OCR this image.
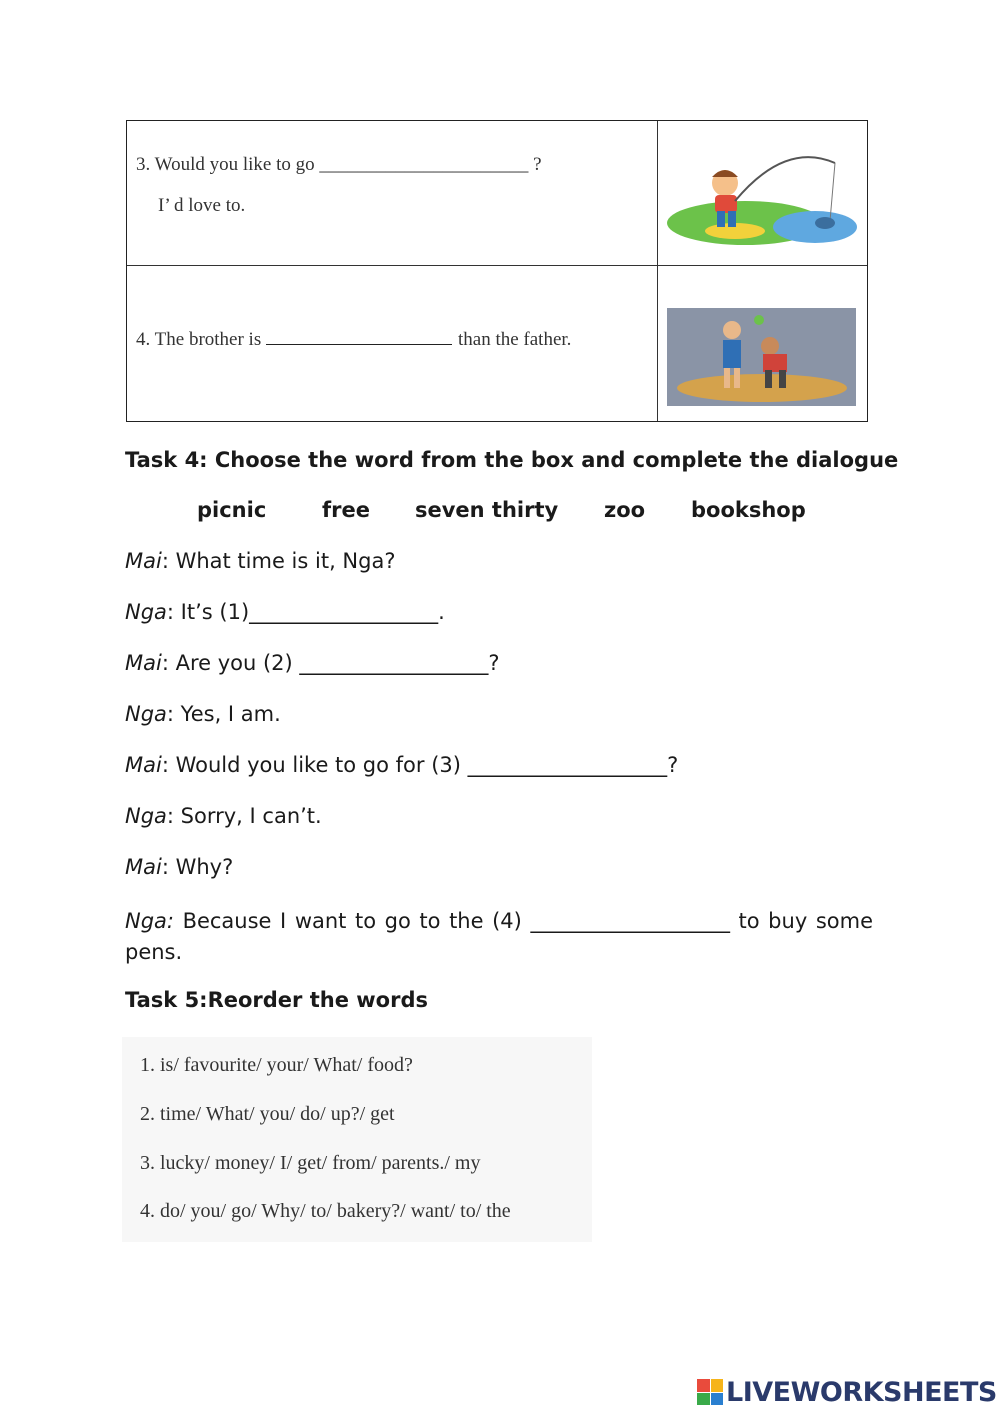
3. Would you like to go ______________________ ?
I’ d love to.
4. The brother is	than the father.
Task 4: Choose the word from the box and complete the dialogue
picnic	free seven thirty zoo bookshop
Mai: What time is it, Nga?
Nga: It’s (1)__________________.
Mai: Are you (2) __________________?
Nga: Yes, I am.
Mai: Would you like to go for (3) ___________________?
Nga: Sorry, I can’t.
Mai: Why?
Nga: Because I want to go to the (4) ___________________ to buy some pens.
Task 5:Reorder the words
1. is/ favourite/ your/ What/ food?
2. time/ What/ you/ do/ up?/ get
3. lucky/ money/ I/ get/ from/ parents./ my
4. do/ you/ go/ Why/ to/ bakery?/ want/ to/ the
LIVEWORKSHEETS
